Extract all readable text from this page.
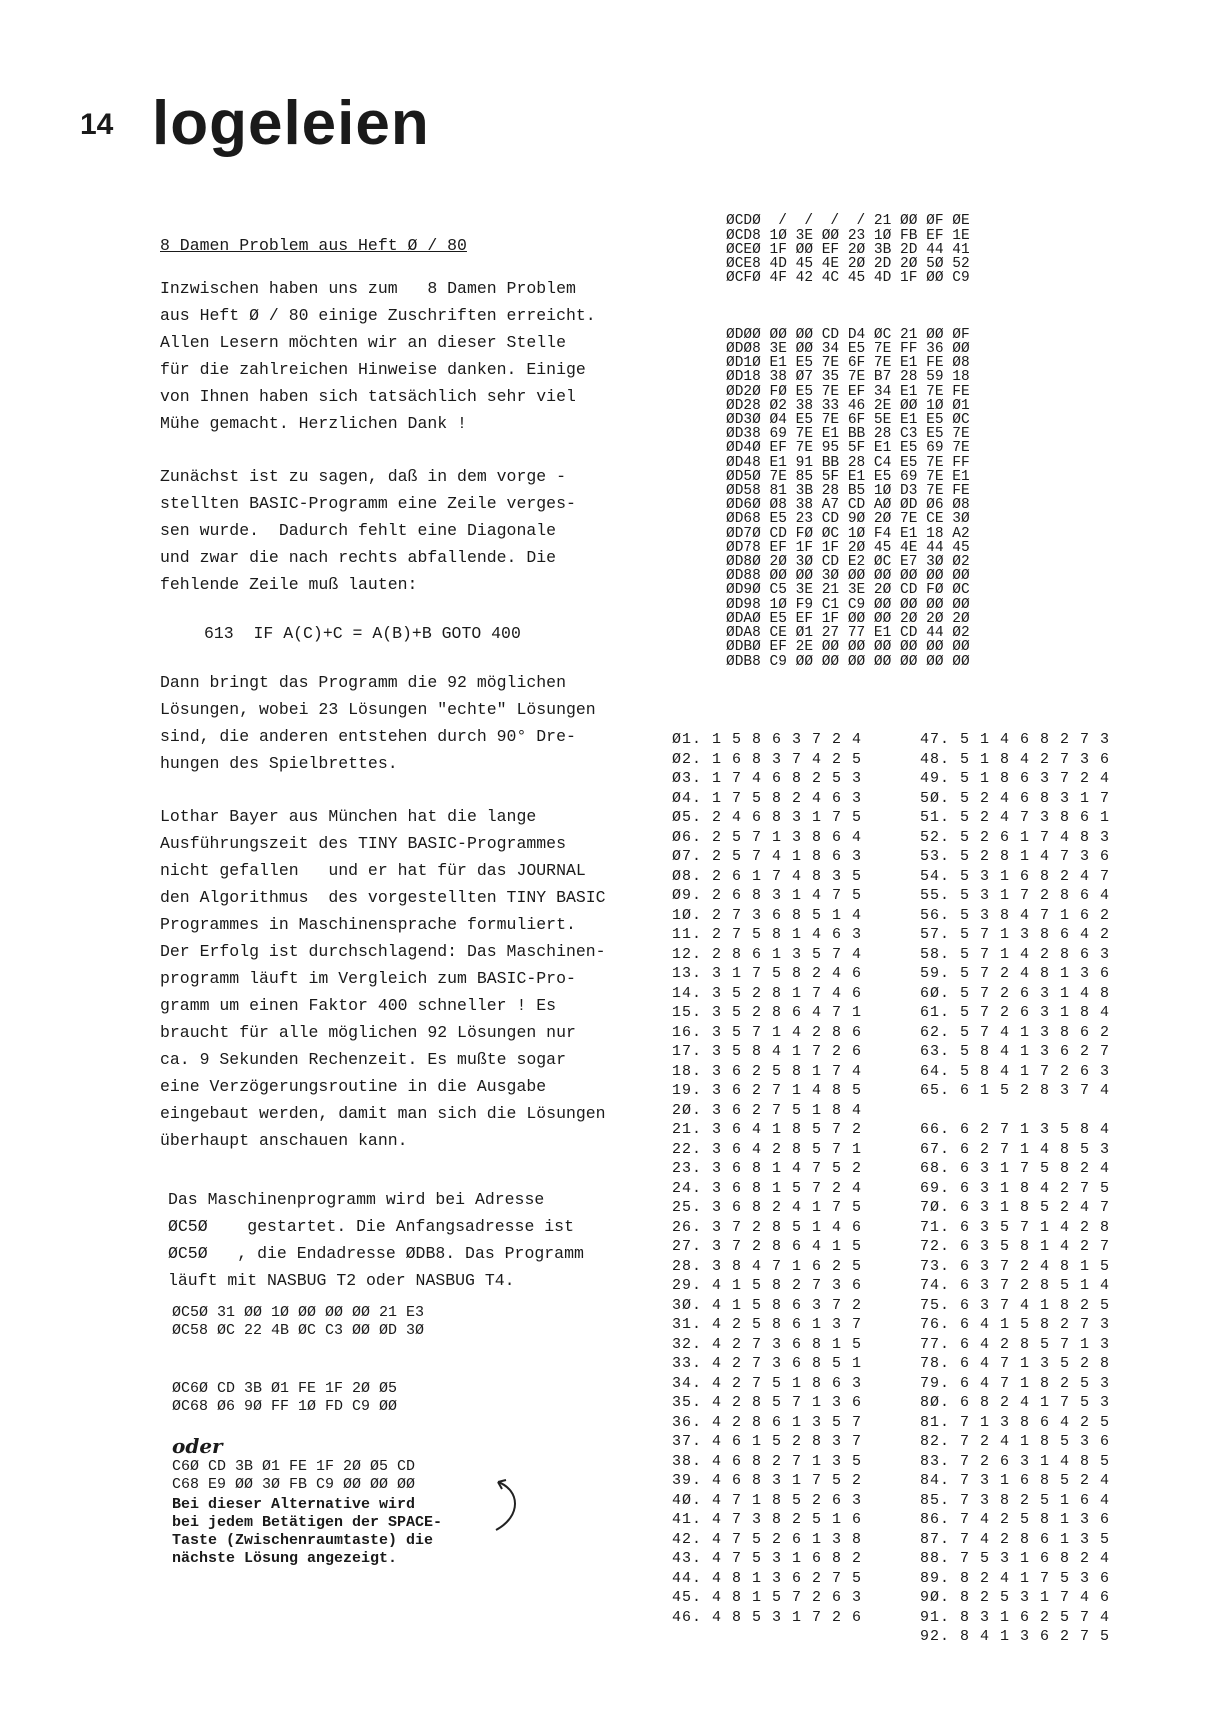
14 logeleien
8 Damen Problem aus Heft Ø / 80
Inzwischen haben uns zum   8 Damen Problem
aus Heft Ø / 80 einige Zuschriften erreicht.
Allen Lesern möchten wir an dieser Stelle
für die zahlreichen Hinweise danken. Einige
von Ihnen haben sich tatsächlich sehr viel
Mühe gemacht. Herzlichen Dank !
Zunächst ist zu sagen, daß in dem vorge -
stellten BASIC-Programm eine Zeile verges-
sen wurde.  Dadurch fehlt eine Diagonale
und zwar die nach rechts abfallende. Die
fehlende Zeile muß lauten:
613  IF A(C)+C = A(B)+B GOTO 400
Dann bringt das Programm die 92 möglichen
Lösungen, wobei 23 Lösungen "echte" Lösungen
sind, die anderen entstehen durch 90° Dre-
hungen des Spielbrettes.
Lothar Bayer aus München hat die lange
Ausführungszeit des TINY BASIC-Programmes
nicht gefallen   und er hat für das JOURNAL
den Algorithmus  des vorgestellten TINY BASIC
Programmes in Maschinensprache formuliert.
Der Erfolg ist durchschlagend: Das Maschinen-
programm läuft im Vergleich zum BASIC-Pro-
gramm um einen Faktor 400 schneller ! Es
braucht für alle möglichen 92 Lösungen nur
ca. 9 Sekunden Rechenzeit. Es mußte sogar
eine Verzögerungsroutine in die Ausgabe
eingebaut werden, damit man sich die Lösungen
überhaupt anschauen kann.
Das Maschinenprogramm wird bei Adresse
ØC5Ø    gestartet. Die Anfangsadresse ist
ØC5Ø   , die Endadresse ØDB8. Das Programm
läuft mit NASBUG T2 oder NASBUG T4.
ØC5Ø 31 ØØ 1Ø ØØ ØØ ØØ 21 E3
ØC58 ØC 22 4B ØC C3 ØØ ØD 3Ø
ØC6Ø CD 3B Ø1 FE 1F 2Ø Ø5
ØC68 Ø6 9Ø FF 1Ø FD C9 ØØ
oder
C6Ø CD 3B Ø1 FE 1F 2Ø Ø5 CD
C68 E9 ØØ 3Ø FB C9 ØØ ØØ ØØ
Bei dieser Alternative wird
bei jedem Betätigen der SPACE-
Taste (Zwischenraumtaste) die
nächste Lösung angezeigt.

ØCDØ  /  /  /  / 21 ØØ ØF ØE
ØCD8 1Ø 3E ØØ 23 1Ø FB EF 1E
ØCEØ 1F ØØ EF 2Ø 3B 2D 44 41
ØCE8 4D 45 4E 2Ø 2D 2Ø 5Ø 52
ØCFØ 4F 42 4C 45 4D 1F ØØ C9

ØDØØ ØØ ØØ CD D4 ØC 21 ØØ ØF
ØDØ8 3E ØØ 34 E5 7E FF 36 ØØ
ØD1Ø E1 E5 7E 6F 7E E1 FE Ø8
ØD18 38 Ø7 35 7E B7 28 59 18
ØD2Ø FØ E5 7E EF 34 E1 7E FE
ØD28 Ø2 38 33 46 2E ØØ 1Ø Ø1
ØD3Ø Ø4 E5 7E 6F 5E E1 E5 ØC
ØD38 69 7E E1 BB 28 C3 E5 7E
ØD4Ø EF 7E 95 5F E1 E5 69 7E
ØD48 E1 91 BB 28 C4 E5 7E FF
ØD5Ø 7E 85 5F E1 E5 69 7E E1
ØD58 81 3B 28 B5 1Ø D3 7E FE
ØD6Ø Ø8 38 A7 CD AØ ØD Ø6 Ø8
ØD68 E5 23 CD 9Ø 2Ø 7E CE 3Ø
ØD7Ø CD FØ ØC 1Ø F4 E1 18 A2
ØD78 EF 1F 1F 2Ø 45 4E 44 45
ØD8Ø 2Ø 3Ø CD E2 ØC E7 3Ø Ø2
ØD88 ØØ ØØ 3Ø ØØ ØØ ØØ ØØ ØØ
ØD9Ø C5 3E 21 3E 2Ø CD FØ ØC
ØD98 1Ø F9 C1 C9 ØØ ØØ ØØ ØØ
ØDAØ E5 EF 1F ØØ ØØ 2Ø 2Ø 2Ø
ØDA8 CE Ø1 27 77 E1 CD 44 Ø2
ØDBØ EF 2E ØØ ØØ ØØ ØØ ØØ ØØ
ØDB8 C9 ØØ ØØ ØØ ØØ ØØ ØØ ØØ

Ø1. 1 5 8 6 3 7 2 4
Ø2. 1 6 8 3 7 4 2 5
Ø3. 1 7 4 6 8 2 5 3
Ø4. 1 7 5 8 2 4 6 3
Ø5. 2 4 6 8 3 1 7 5
Ø6. 2 5 7 1 3 8 6 4
Ø7. 2 5 7 4 1 8 6 3
Ø8. 2 6 1 7 4 8 3 5
Ø9. 2 6 8 3 1 4 7 5
1Ø. 2 7 3 6 8 5 1 4
11. 2 7 5 8 1 4 6 3
12. 2 8 6 1 3 5 7 4
13. 3 1 7 5 8 2 4 6
14. 3 5 2 8 1 7 4 6
15. 3 5 2 8 6 4 7 1
16. 3 5 7 1 4 2 8 6
17. 3 5 8 4 1 7 2 6
18. 3 6 2 5 8 1 7 4
19. 3 6 2 7 1 4 8 5
2Ø. 3 6 2 7 5 1 8 4
21. 3 6 4 1 8 5 7 2
22. 3 6 4 2 8 5 7 1
23. 3 6 8 1 4 7 5 2
24. 3 6 8 1 5 7 2 4
25. 3 6 8 2 4 1 7 5
26. 3 7 2 8 5 1 4 6
27. 3 7 2 8 6 4 1 5
28. 3 8 4 7 1 6 2 5
29. 4 1 5 8 2 7 3 6
3Ø. 4 1 5 8 6 3 7 2
31. 4 2 5 8 6 1 3 7
32. 4 2 7 3 6 8 1 5
33. 4 2 7 3 6 8 5 1
34. 4 2 7 5 1 8 6 3
35. 4 2 8 5 7 1 3 6
36. 4 2 8 6 1 3 5 7
37. 4 6 1 5 2 8 3 7
38. 4 6 8 2 7 1 3 5
39. 4 6 8 3 1 7 5 2
4Ø. 4 7 1 8 5 2 6 3
41. 4 7 3 8 2 5 1 6
42. 4 7 5 2 6 1 3 8
43. 4 7 5 3 1 6 8 2
44. 4 8 1 3 6 2 7 5
45. 4 8 1 5 7 2 6 3
46. 4 8 5 3 1 7 2 6
47. 5 1 4 6 8 2 7 3
48. 5 1 8 4 2 7 3 6
49. 5 1 8 6 3 7 2 4
5Ø. 5 2 4 6 8 3 1 7
51. 5 2 4 7 3 8 6 1
52. 5 2 6 1 7 4 8 3
53. 5 2 8 1 4 7 3 6
54. 5 3 1 6 8 2 4 7
55. 5 3 1 7 2 8 6 4
56. 5 3 8 4 7 1 6 2
57. 5 7 1 3 8 6 4 2
58. 5 7 1 4 2 8 6 3
59. 5 7 2 4 8 1 3 6
6Ø. 5 7 2 6 3 1 4 8
61. 5 7 2 6 3 1 8 4
62. 5 7 4 1 3 8 6 2
63. 5 8 4 1 3 6 2 7
64. 5 8 4 1 7 2 6 3
65. 6 1 5 2 8 3 7 4

66. 6 2 7 1 3 5 8 4
67. 6 2 7 1 4 8 5 3
68. 6 3 1 7 5 8 2 4
69. 6 3 1 8 4 2 7 5
7Ø. 6 3 1 8 5 2 4 7
71. 6 3 5 7 1 4 2 8
72. 6 3 5 8 1 4 2 7
73. 6 3 7 2 4 8 1 5
74. 6 3 7 2 8 5 1 4
75. 6 3 7 4 1 8 2 5
76. 6 4 1 5 8 2 7 3
77. 6 4 2 8 5 7 1 3
78. 6 4 7 1 3 5 2 8
79. 6 4 7 1 8 2 5 3
8Ø. 6 8 2 4 1 7 5 3
81. 7 1 3 8 6 4 2 5
82. 7 2 4 1 8 5 3 6
83. 7 2 6 3 1 4 8 5
84. 7 3 1 6 8 5 2 4
85. 7 3 8 2 5 1 6 4
86. 7 4 2 5 8 1 3 6
87. 7 4 2 8 6 1 3 5
88. 7 5 3 1 6 8 2 4
89. 8 2 4 1 7 5 3 6
9Ø. 8 2 5 3 1 7 4 6
91. 8 3 1 6 2 5 7 4
92. 8 4 1 3 6 2 7 5
